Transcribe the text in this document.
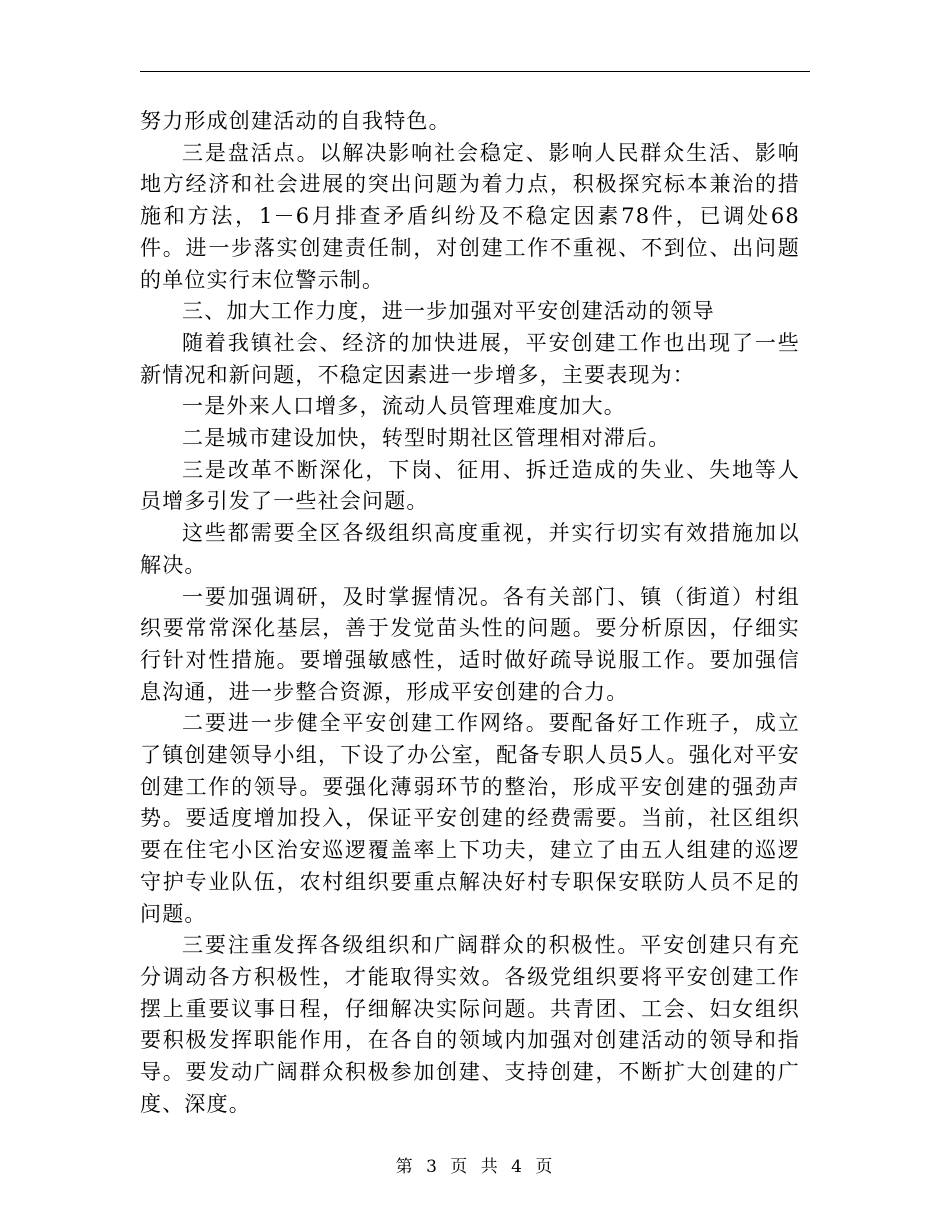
努力形成创建活动的自我特色。

三是盘活点。以解决影响社会稳定、影响人民群众生活、影响地方经济和社会进展的突出问题为着力点，积极探究标本兼治的措施和方法，1－6月排查矛盾纠纷及不稳定因素78件，已调处68件。进一步落实创建责任制，对创建工作不重视、不到位、出问题的单位实行末位警示制。

三、加大工作力度，进一步加强对平安创建活动的领导

随着我镇社会、经济的加快进展，平安创建工作也出现了一些新情况和新问题，不稳定因素进一步增多，主要表现为：

一是外来人口增多，流动人员管理难度加大。

二是城市建设加快，转型时期社区管理相对滞后。

三是改革不断深化，下岗、征用、拆迁造成的失业、失地等人员增多引发了一些社会问题。

这些都需要全区各级组织高度重视，并实行切实有效措施加以解决。

一要加强调研，及时掌握情况。各有关部门、镇（街道）村组织要常常深化基层，善于发觉苗头性的问题。要分析原因，仔细实行针对性措施。要增强敏感性，适时做好疏导说服工作。要加强信息沟通，进一步整合资源，形成平安创建的合力。

二要进一步健全平安创建工作网络。要配备好工作班子，成立了镇创建领导小组，下设了办公室，配备专职人员5人。强化对平安创建工作的领导。要强化薄弱环节的整治，形成平安创建的强劲声势。要适度增加投入，保证平安创建的经费需要。当前，社区组织要在住宅小区治安巡逻覆盖率上下功夫，建立了由五人组建的巡逻守护专业队伍，农村组织要重点解决好村专职保安联防人员不足的问题。

三要注重发挥各级组织和广阔群众的积极性。平安创建只有充分调动各方积极性，才能取得实效。各级党组织要将平安创建工作摆上重要议事日程，仔细解决实际问题。共青团、工会、妇女组织要积极发挥职能作用，在各自的领域内加强对创建活动的领导和指导。要发动广阔群众积极参加创建、支持创建，不断扩大创建的广度、深度。

第 3 页 共 4 页
